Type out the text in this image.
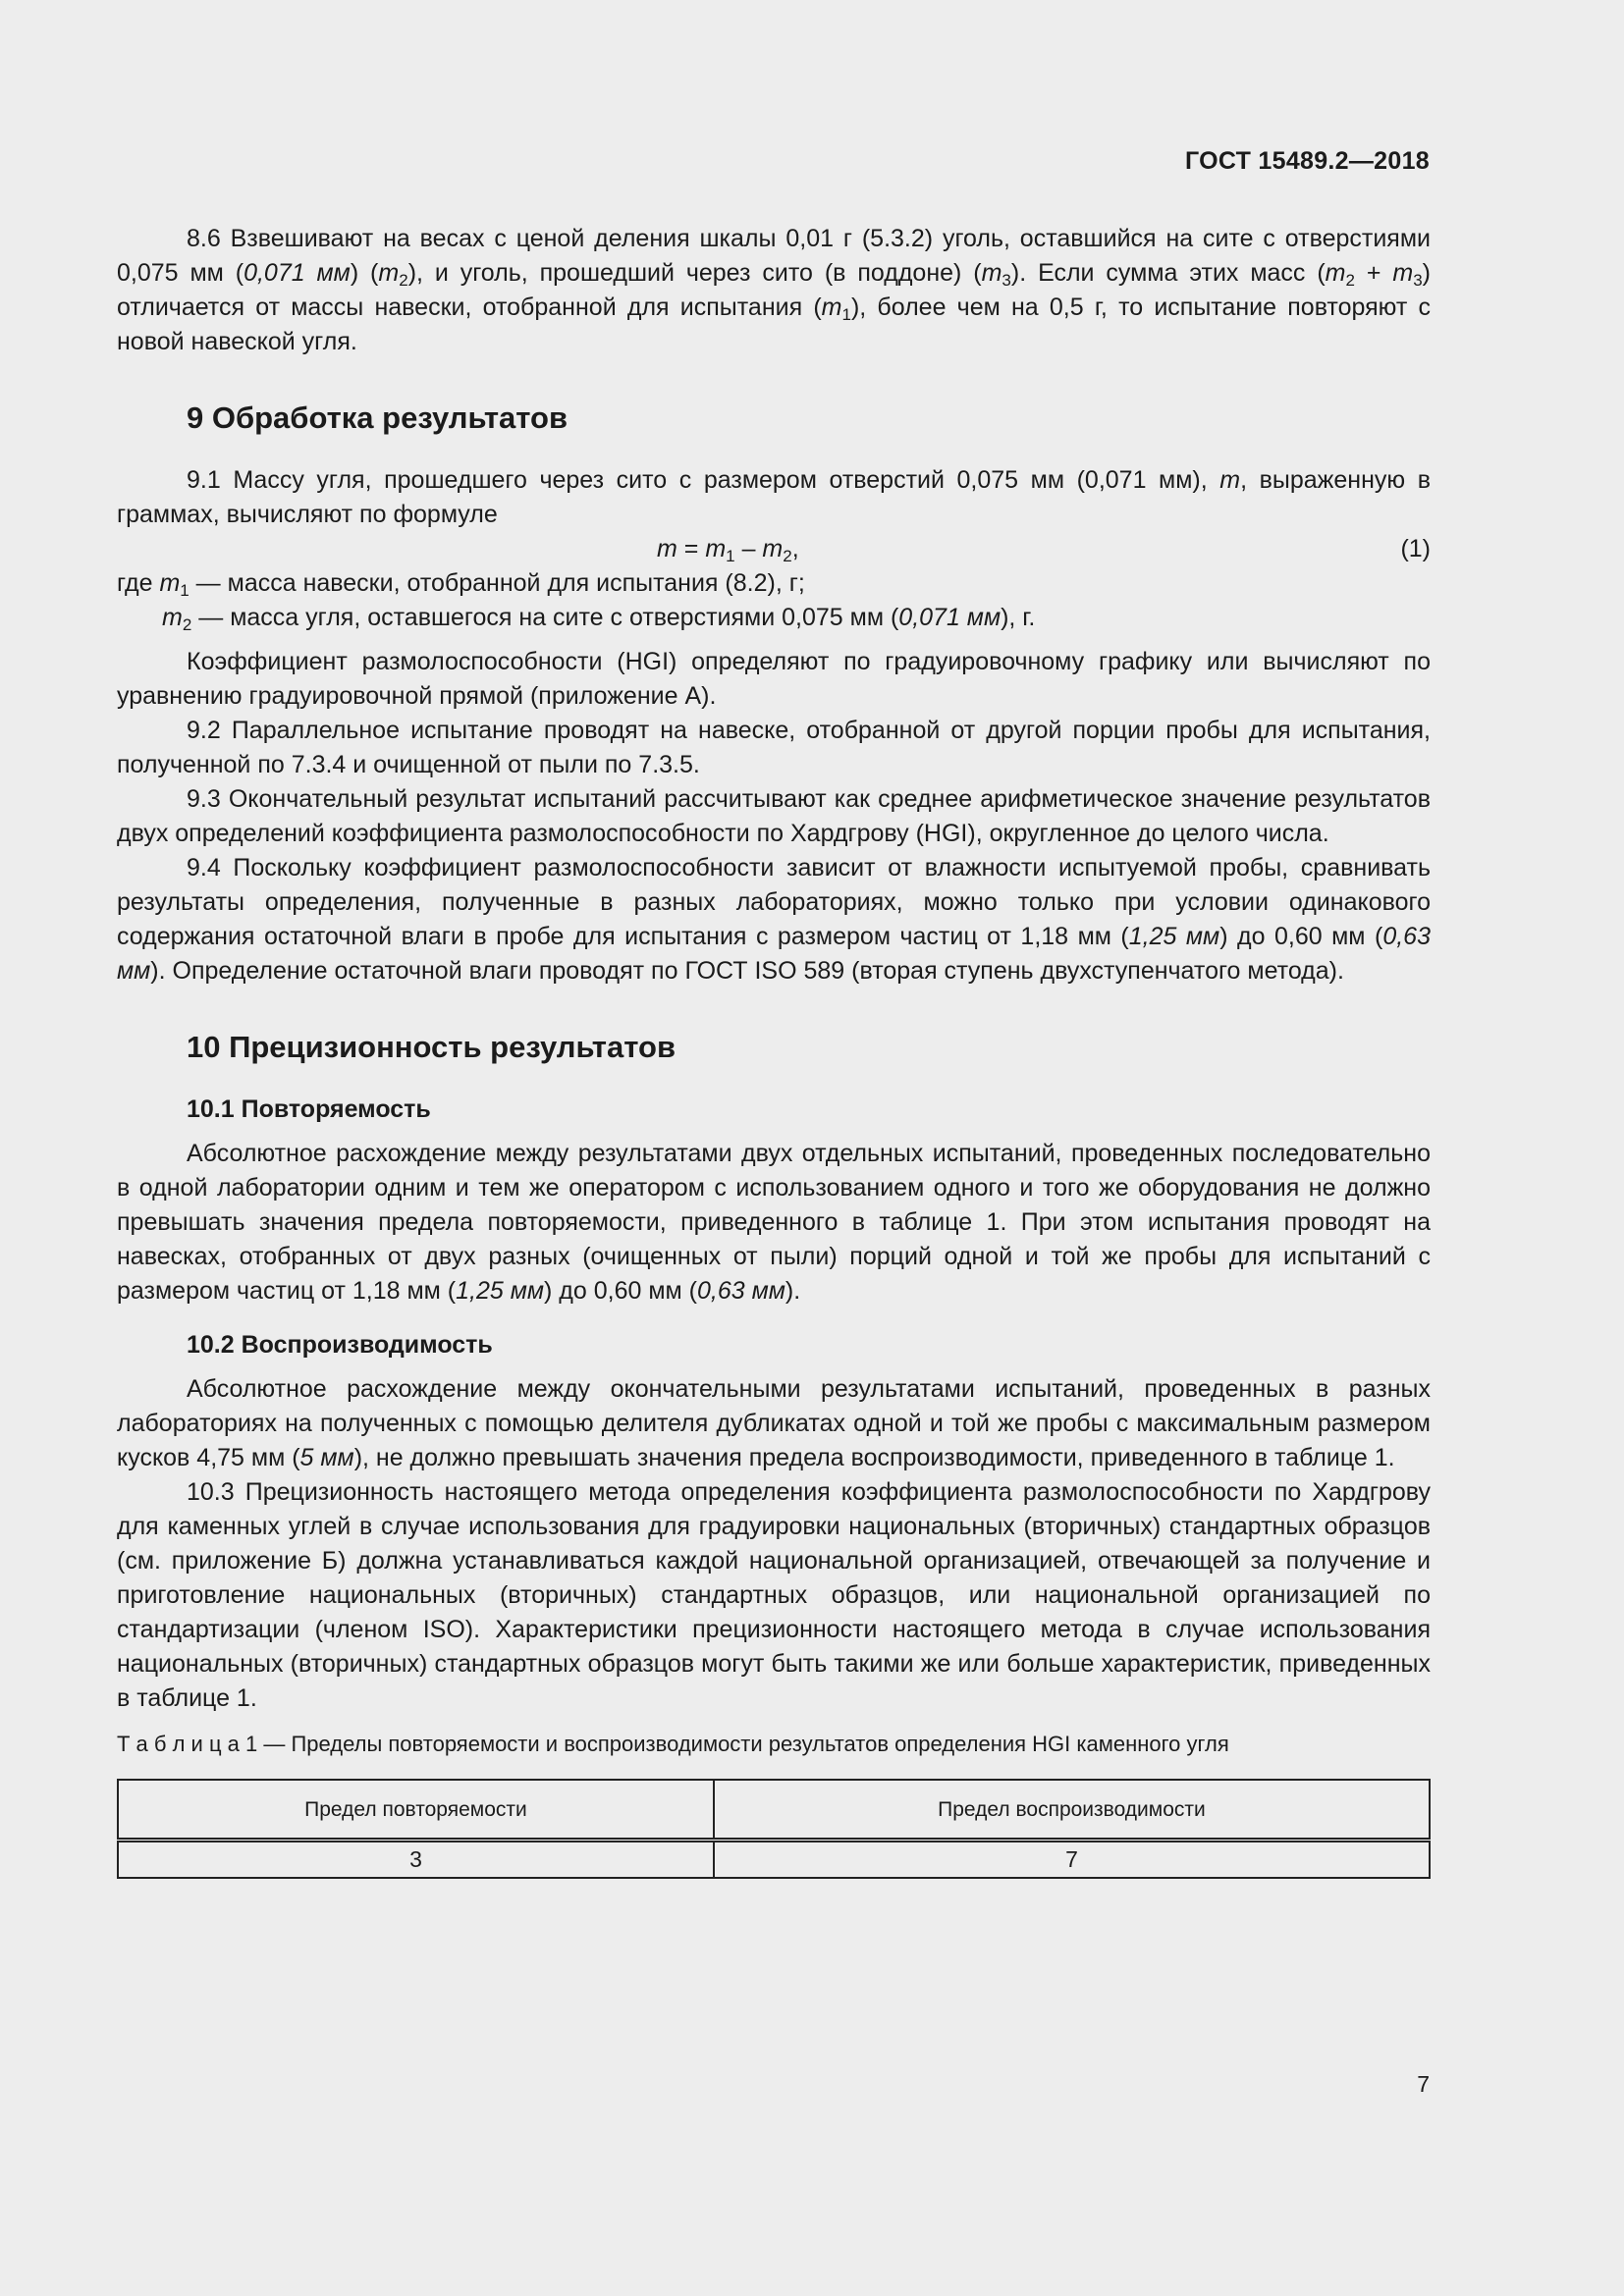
ГОСТ 15489.2—2018

8.6 Взвешивают на весах с ценой деления шкалы 0,01 г (5.3.2) уголь, оставшийся на сите с отверстиями 0,075 мм (0,071 мм) $(m_2)$, и уголь, прошедший через сито (в поддоне) $(m_3)$. Если сумма этих масс $(m_2 + m_3)$ отличается от массы навески, отобранной для испытания $(m_1)$, более чем на 0,5 г, то испытание повторяют с новой навеской угля.

9 Обработка результатов

9.1 Массу угля, прошедшего через сито с размером отверстий 0,075 мм (0,071 мм), m, выраженную в граммах, вычисляют по формуле

$m = m_1 - m_2$,	(1)
где $m_1$ — масса навески, отобранной для испытания (8.2), г;
$m_2$ — масса угля, оставшегося на сите с отверстиями 0,075 мм (0,071 мм), г.

Коэффициент размолоспособности (HGI) определяют по градуировочному графику или вычисляют по уравнению градуировочной прямой (приложение А).

9.2 Параллельное испытание проводят на навеске, отобранной от другой порции пробы для испытания, полученной по 7.3.4 и очищенной от пыли по 7.3.5.

9.3 Окончательный результат испытаний рассчитывают как среднее арифметическое значение результатов двух определений коэффициента размолоспособности по Хардгрову (HGI), округленное до целого числа.

9.4 Поскольку коэффициент размолоспособности зависит от влажности испытуемой пробы, сравнивать результаты определения, полученные в разных лабораториях, можно только при условии одинакового содержания остаточной влаги в пробе для испытания с размером частиц от 1,18 мм (1,25 мм) до 0,60 мм (0,63 мм). Определение остаточной влаги проводят по ГОСТ ISO 589 (вторая ступень двухступенчатого метода).

10 Прецизионность результатов
10.1 Повторяемость

Абсолютное расхождение между результатами двух отдельных испытаний, проведенных последовательно в одной лаборатории одним и тем же оператором с использованием одного и того же оборудования не должно превышать значения предела повторяемости, приведенного в таблице 1. При этом испытания проводят на навесках, отобранных от двух разных (очищенных от пыли) порций одной и той же пробы для испытаний с размером частиц от 1,18 мм (1,25 мм) до 0,60 мм (0,63 мм).

10.2 Воспроизводимость

Абсолютное расхождение между окончательными результатами испытаний, проведенных в разных лабораториях на полученных с помощью делителя дубликатах одной и той же пробы с максимальным размером кусков 4,75 мм (5 мм), не должно превышать значения предела воспроизводимости, приведенного в таблице 1.

10.3 Прецизионность настоящего метода определения коэффициента размолоспособности по Хардгрову для каменных углей в случае использования для градуировки национальных (вторичных) стандартных образцов (см. приложение Б) должна устанавливаться каждой национальной организацией, отвечающей за получение и приготовление национальных (вторичных) стандартных образцов, или национальной организацией по стандартизации (членом ISO). Характеристики прецизионности настоящего метода в случае использования национальных (вторичных) стандартных образцов могут быть такими же или больше характеристик, приведенных в таблице 1.

Т а б л и ц а 1 — Пределы повторяемости и воспроизводимости результатов определения HGI каменного угля
Предел повторяемости	Предел воспроизводимости
3	7
7
